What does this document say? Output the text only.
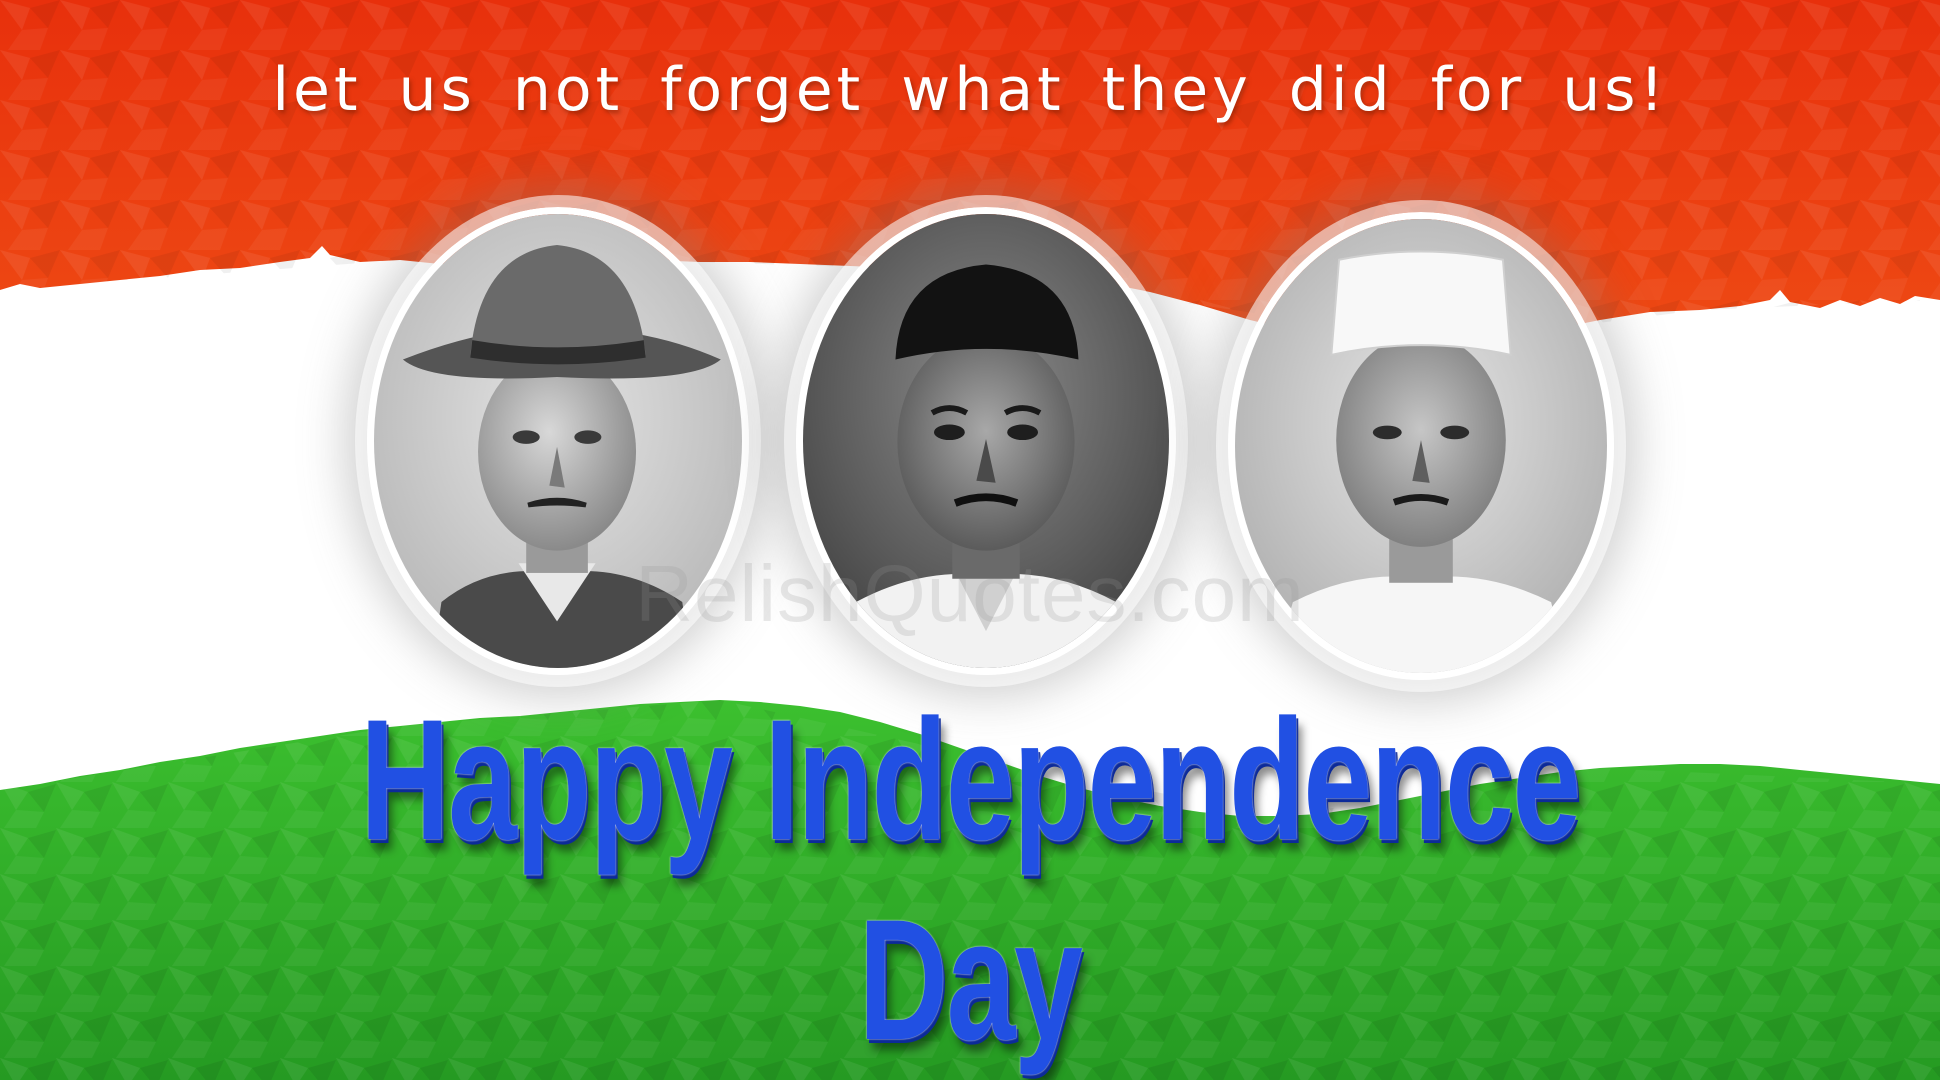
let us not forget what they did for us!
RelishQuotes.com
Happy Independence Day
